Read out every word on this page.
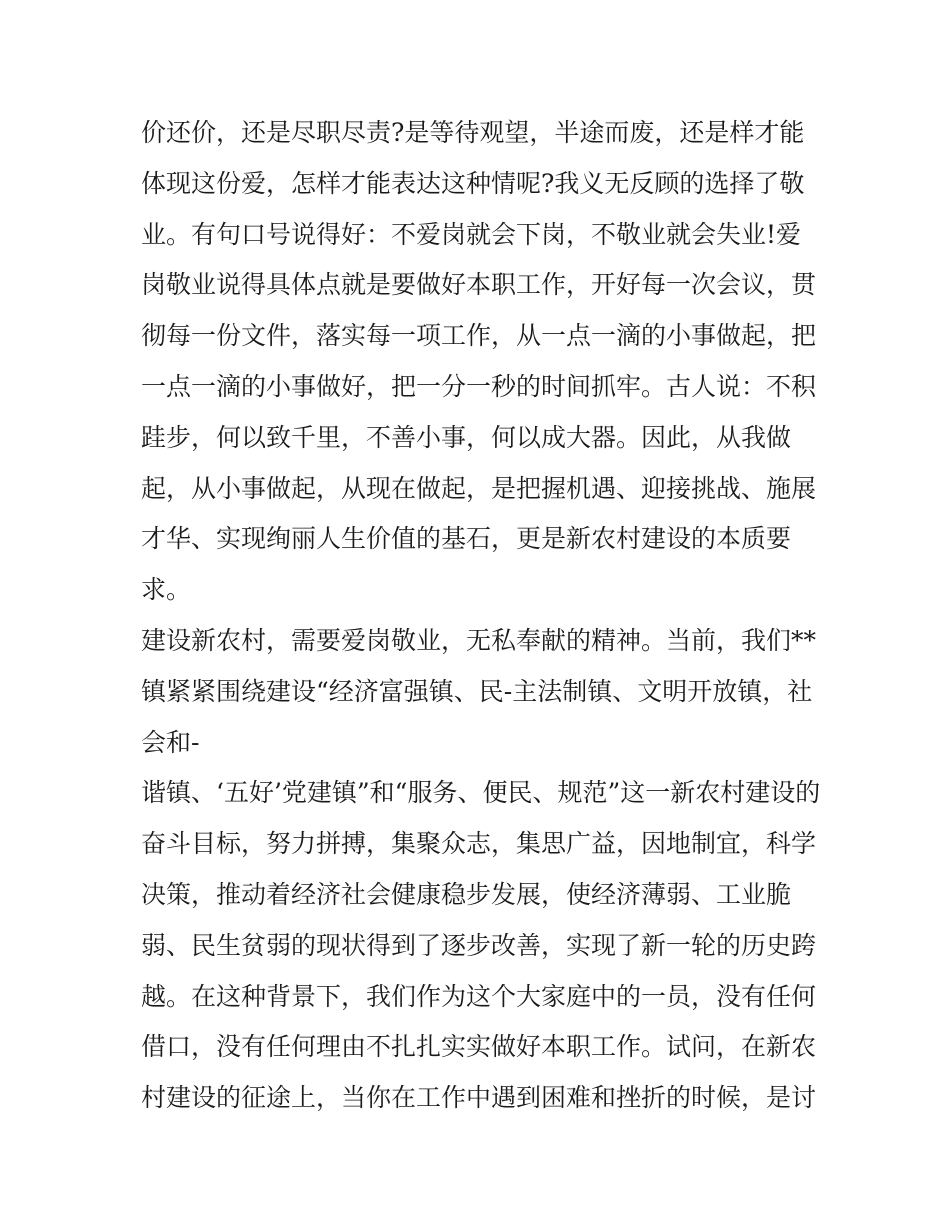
价还价，还是尽职尽责?是等待观望，半途而废，还是样才能
体现这份爱，怎样才能表达这种情呢?我义无反顾的选择了敬
业。有句口号说得好：不爱岗就会下岗，不敬业就会失业!爱
岗敬业说得具体点就是要做好本职工作，开好每一次会议，贯
彻每一份文件，落实每一项工作，从一点一滴的小事做起，把
一点一滴的小事做好，把一分一秒的时间抓牢。古人说：不积
跬步，何以致千里，不善小事，何以成大器。因此，从我做
起，从小事做起，从现在做起，是把握机遇、迎接挑战、施展
才华、实现绚丽人生价值的基石，更是新农村建设的本质要
求。
建设新农村，需要爱岗敬业，无私奉献的精神。当前，我们**
镇紧紧围绕建设“经济富强镇、民-主法制镇、文明开放镇，社
会和-
谐镇、‘五好’党建镇”和“服务、便民、规范”这一新农村建设的
奋斗目标，努力拼搏，集聚众志，集思广益，因地制宜，科学
决策，推动着经济社会健康稳步发展，使经济薄弱、工业脆
弱、民生贫弱的现状得到了逐步改善，实现了新一轮的历史跨
越。在这种背景下，我们作为这个大家庭中的一员，没有任何
借口，没有任何理由不扎扎实实做好本职工作。试问，在新农
村建设的征途上，当你在工作中遇到困难和挫折的时候，是讨
